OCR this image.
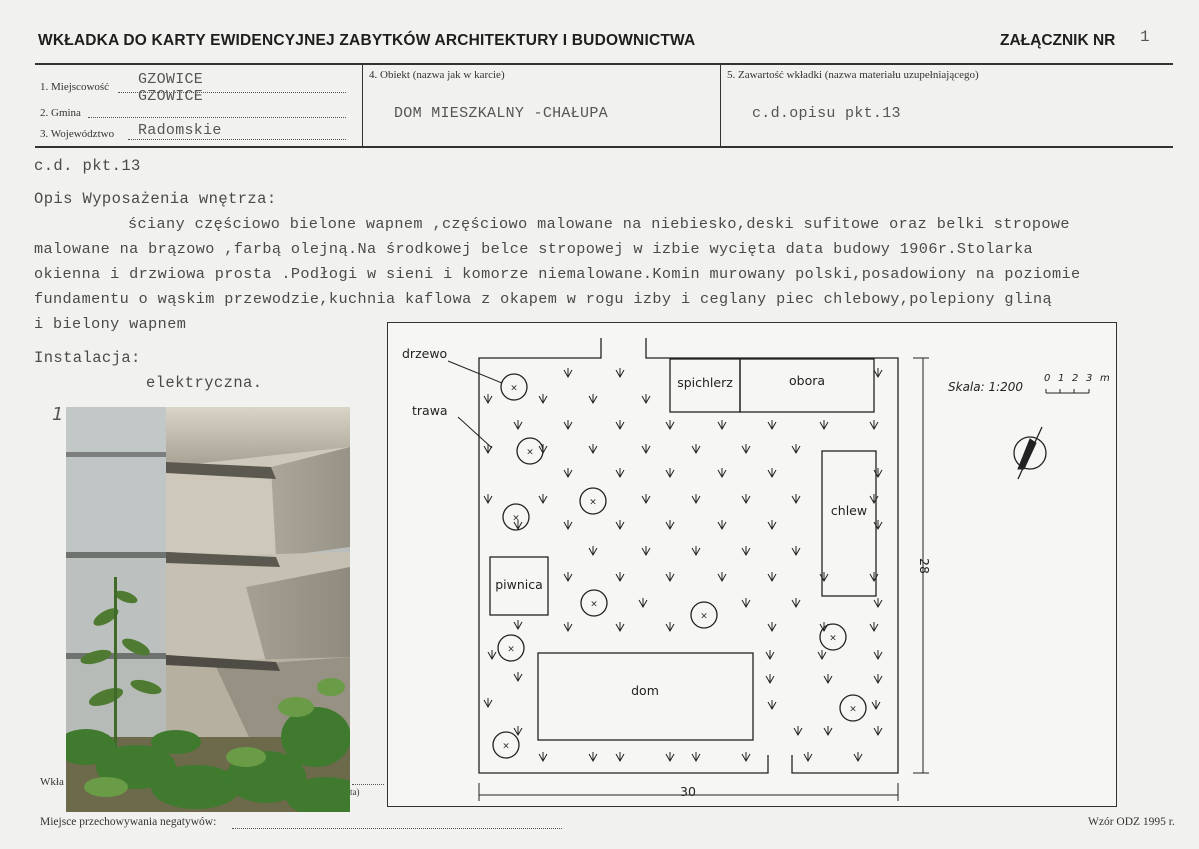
WKŁADKA DO KARTY EWIDENCYJNEJ ZABYTKÓW ARCHITEKTURY I BUDOWNICTWA	ZAŁĄCZNIK NR 1
1. Miejscowość GZOWICE
2. Gmina
GZOWICE
3. Województwo Radomskie
4. Obiekt (nazwa jak w karcie)
DOM MIESZKALNY -CHAŁUPA
5. Zawartość wkładki (nazwa materiału uzupełniającego)
c.d.opisu pkt.13
c.d. pkt.13
Opis Wyposażenia wnętrza:
ściany częściowo bielone wapnem ,częściowo malowane na niebiesko,deski sufitowe oraz belki stropowe
malowane na brązowo ,farbą olejną.Na środkowej belce stropowej w izbie wycięta data budowy 1906r.Stolarka
okienna i drzwiowa prosta .Podłogi w sieni i komorze niemalowane.Komin murowany polski,posadowiony na poziomie
fundamentu o wąskim przewodzie,kuchnia kaflowa z okapem w rogu izby i ceglany piec chlebowy,polepiony gliną
i bielony wapnem
Instalacja:
elektryczna.
1
Wkła
ta)
spichlerz	obora
chlew
piwnica
dom
drzewo
trawa
30
28
Skala: 1:200
0 1 2 3 m
×
×
×
×
×
×
×
×
×
×
Miejsce przechowywania negatywów:	Wzór ODZ 1995 r.
